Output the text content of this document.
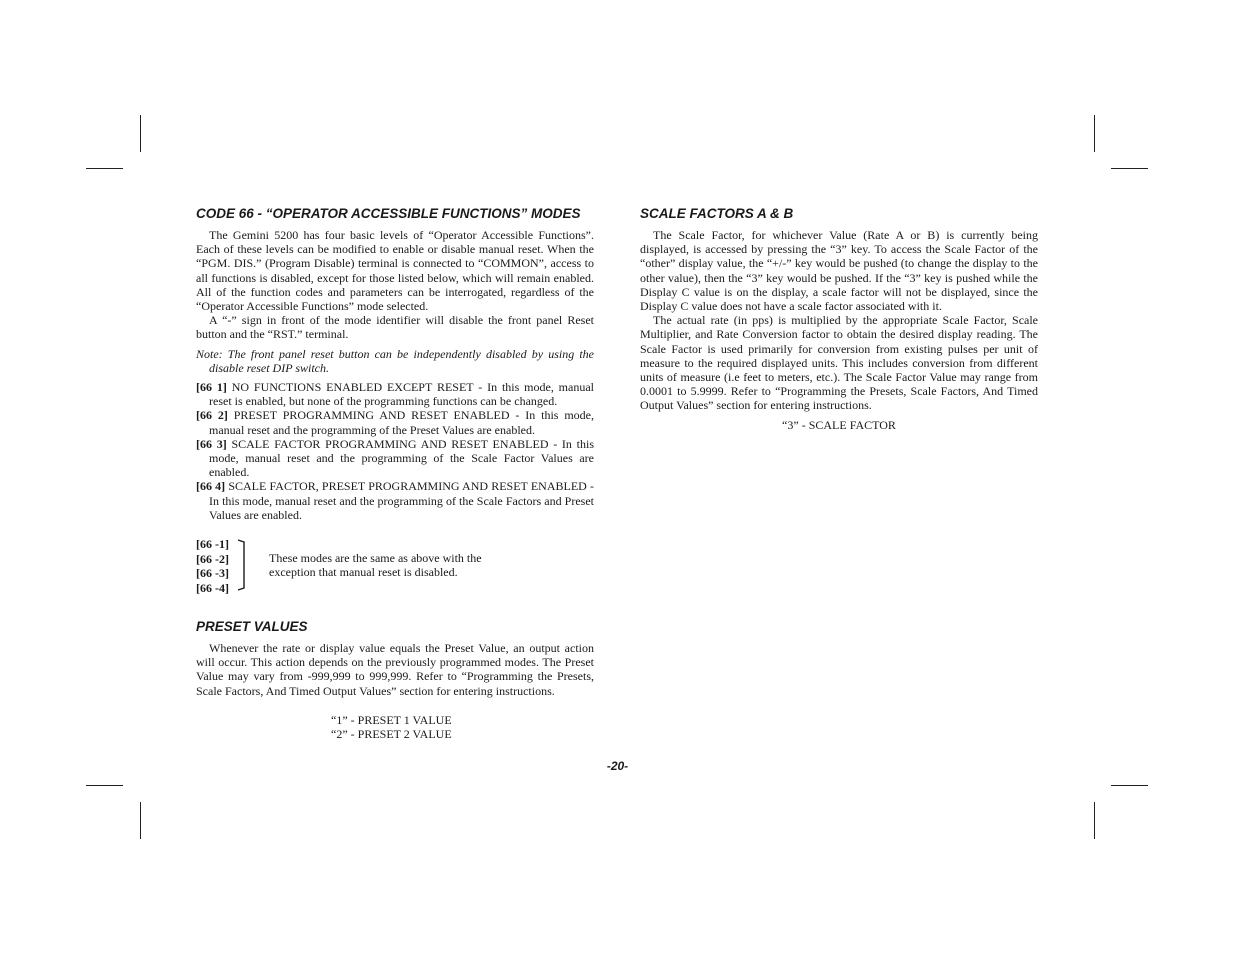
CODE 66 - “OPERATOR ACCESSIBLE FUNCTIONS” MODES

The Gemini 5200 has four basic levels of “Operator Accessible Functions”. Each of these levels can be modified to enable or disable manual reset. When the “PGM. DIS.” (Program Disable) terminal is connected to “COMMON”, access to all functions is disabled, except for those listed below, which will remain enabled. All of the function codes and parameters can be interrogated, regardless of the “Operator Accessible Functions” mode selected.

A “-” sign in front of the mode identifier will disable the front panel Reset button and the “RST.” terminal.

Note: The front panel reset button can be independently disabled by using the disable reset DIP switch.

[66 1] NO FUNCTIONS ENABLED EXCEPT RESET - In this mode, manual reset is enabled, but none of the programming functions can be changed.

[66 2] PRESET PROGRAMMING AND RESET ENABLED - In this mode, manual reset and the programming of the Preset Values are enabled.

[66 3] SCALE FACTOR PROGRAMMING AND RESET ENABLED - In this mode, manual reset and the programming of the Scale Factor Values are enabled.

[66 4] SCALE FACTOR, PRESET PROGRAMMING AND RESET ENABLED - In this mode, manual reset and the programming of the Scale Factors and Preset Values are enabled.

[66 -1]
[66 -2]
[66 -3]
[66 -4]
These modes are the same as above with the exception that manual reset is disabled.
PRESET VALUES

Whenever the rate or display value equals the Preset Value, an output action will occur. This action depends on the previously programmed modes. The Preset Value may vary from -999,999 to 999,999. Refer to “Programming the Presets, Scale Factors, And Timed Output Values” section for entering instructions.

“1” - PRESET 1 VALUE
“2” - PRESET 2 VALUE
SCALE FACTORS A & B

The Scale Factor, for whichever Value (Rate A or B) is currently being displayed, is accessed by pressing the “3” key. To access the Scale Factor of the “other” display value, the “+/-” key would be pushed (to change the display to the other value), then the “3” key would be pushed. If the “3” key is pushed while the Display C value is on the display, a scale factor will not be displayed, since the Display C value does not have a scale factor associated with it.

The actual rate (in pps) is multiplied by the appropriate Scale Factor, Scale Multiplier, and Rate Conversion factor to obtain the desired display reading. The Scale Factor is used primarily for conversion from existing pulses per unit of measure to the required displayed units. This includes conversion from different units of measure (i.e feet to meters, etc.). The Scale Factor Value may range from 0.0001 to 5.9999. Refer to “Programming the Presets, Scale Factors, And Timed Output Values” section for entering instructions.

“3” - SCALE FACTOR
-20-
